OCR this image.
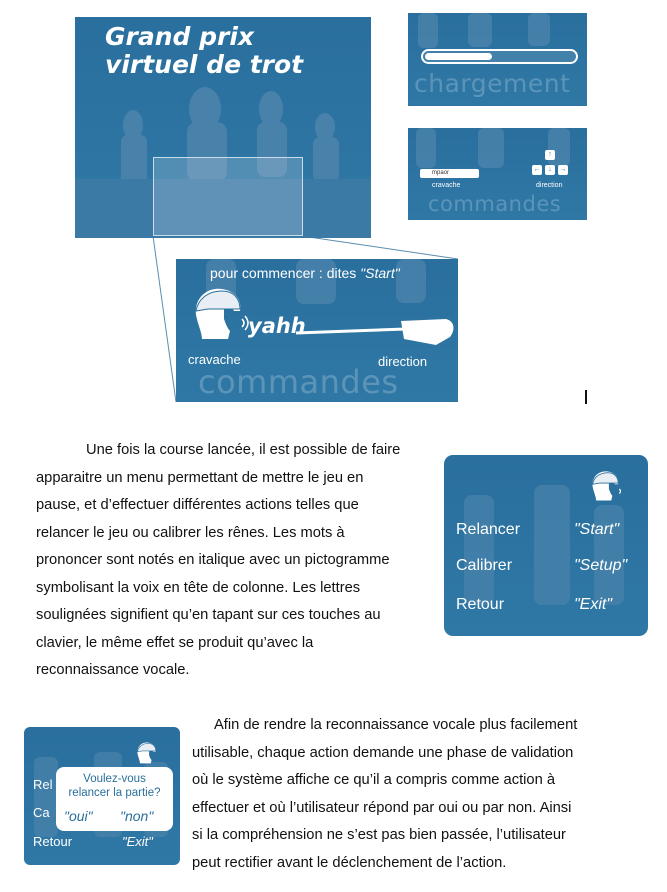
Grand prix
virtuel de trot
chargement
mpaor
cravache
↑
←	↓	→
direction
commandes
pour commencer : dites "Start"
yahh
cravache	direction
commandes
Une fois la course lancée, il est possible de faire
apparaitre un menu permettant de mettre le jeu en
pause, et d’effectuer différentes actions telles que
relancer le jeu ou calibrer les rênes. Les mots à
prononcer sont notés en italique avec un pictogramme
symbolisant la voix en tête de colonne. Les lettres
soulignées signifient qu’en tapant sur ces touches au
clavier, le même effet se produit qu’avec la
reconnaissance vocale.
Relancer	"Start"
Calibrer	"Setup"
Retour	"Exit"
Rel
Ca
Retour	"Exit"
Voulez-vous
relancer la partie?
"oui" "non"
Afin de rendre la reconnaissance vocale plus facilement
utilisable, chaque action demande une phase de validation
où le système affiche ce qu’il a compris comme action à
effectuer et où l’utilisateur répond par oui ou par non. Ainsi
si la compréhension ne s’est pas bien passée, l’utilisateur
peut rectifier avant le déclenchement de l’action.
